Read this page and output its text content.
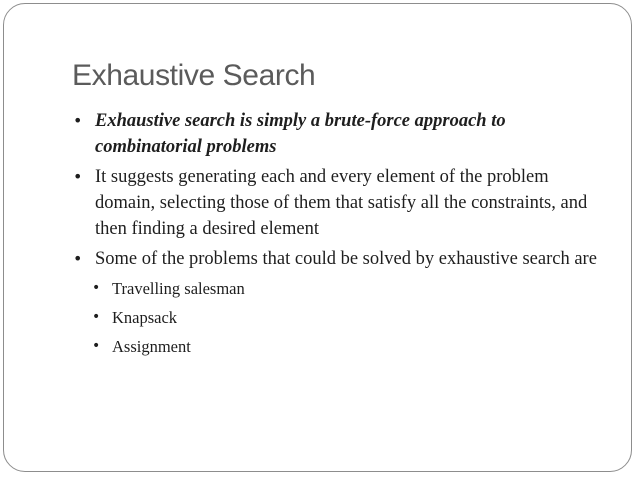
Exhaustive Search
• Exhaustive search is simply a brute-force approach to combinatorial problems
• It suggests generating each and every element of the problem domain, selecting those of them that satisfy all the constraints, and then finding a desired element
• Some of the problems that could be solved by exhaustive search are
• Travelling salesman
• Knapsack
• Assignment
